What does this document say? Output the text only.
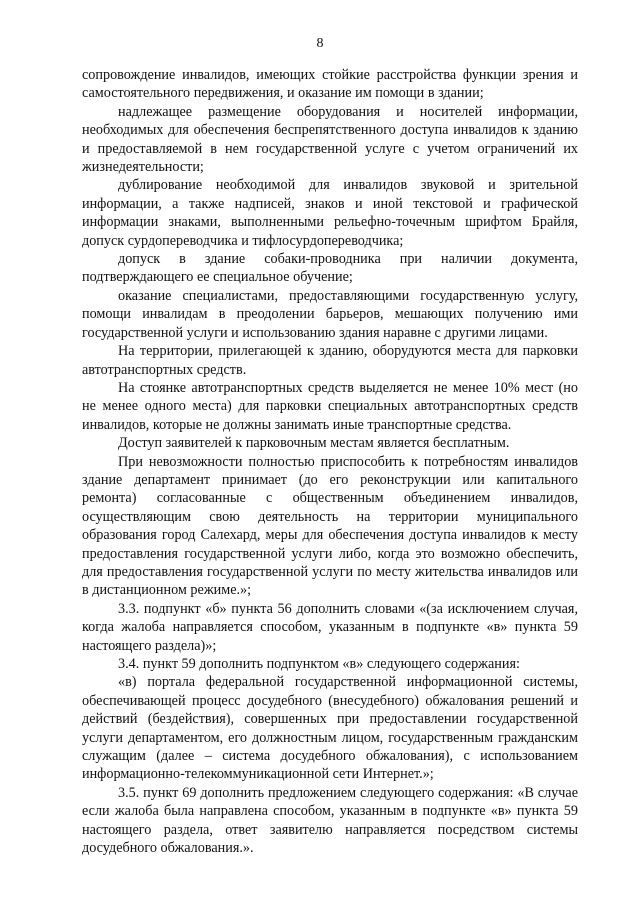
8

сопровождение инвалидов, имеющих стойкие расстройства функции зрения и самостоятельного передвижения, и оказание им помощи в здании;

надлежащее размещение оборудования и носителей информации, необходимых для обеспечения беспрепятственного доступа инвалидов к зданию и предоставляемой в нем государственной услуге с учетом ограничений их жизнедеятельности;

дублирование необходимой для инвалидов звуковой и зрительной информации, а также надписей, знаков и иной текстовой и графической информации знаками, выполненными рельефно-точечным шрифтом Брайля, допуск сурдопереводчика и тифлосурдопереводчика;

допуск в здание собаки-проводника при наличии документа, подтверждающего ее специальное обучение;

оказание специалистами, предоставляющими государственную услугу, помощи инвалидам в преодолении барьеров, мешающих получению ими государственной услуги и использованию здания наравне с другими лицами.

На территории, прилегающей к зданию, оборудуются места для парковки автотранспортных средств.

На стоянке автотранспортных средств выделяется не менее 10% мест (но не менее одного места) для парковки специальных автотранспортных средств инвалидов, которые не должны занимать иные транспортные средства.

Доступ заявителей к парковочным местам является бесплатным.

При невозможности полностью приспособить к потребностям инвалидов здание департамент принимает (до его реконструкции или капитального ремонта) согласованные с общественным объединением инвалидов, осуществляющим свою деятельность на территории муниципального образования город Салехард, меры для обеспечения доступа инвалидов к месту предоставления государственной услуги либо, когда это возможно обеспечить, для предоставления государственной услуги по месту жительства инвалидов или в дистанционном режиме.»;

3.3. подпункт «б» пункта 56 дополнить словами «(за исключением случая, когда жалоба направляется способом, указанным в подпункте «в» пункта 59 настоящего раздела)»;

3.4. пункт 59 дополнить подпунктом «в» следующего содержания:

«в) портала федеральной государственной информационной системы, обеспечивающей процесс досудебного (внесудебного) обжалования решений и действий (бездействия), совершенных при предоставлении государственной услуги департаментом, его должностным лицом, государственным гражданским служащим (далее – система досудебного обжалования), с использованием информационно-телекоммуникационной сети Интернет.»;

3.5. пункт 69 дополнить предложением следующего содержания: «В случае если жалоба была направлена способом, указанным в подпункте «в» пункта 59 настоящего раздела, ответ заявителю направляется посредством системы досудебного обжалования.».
